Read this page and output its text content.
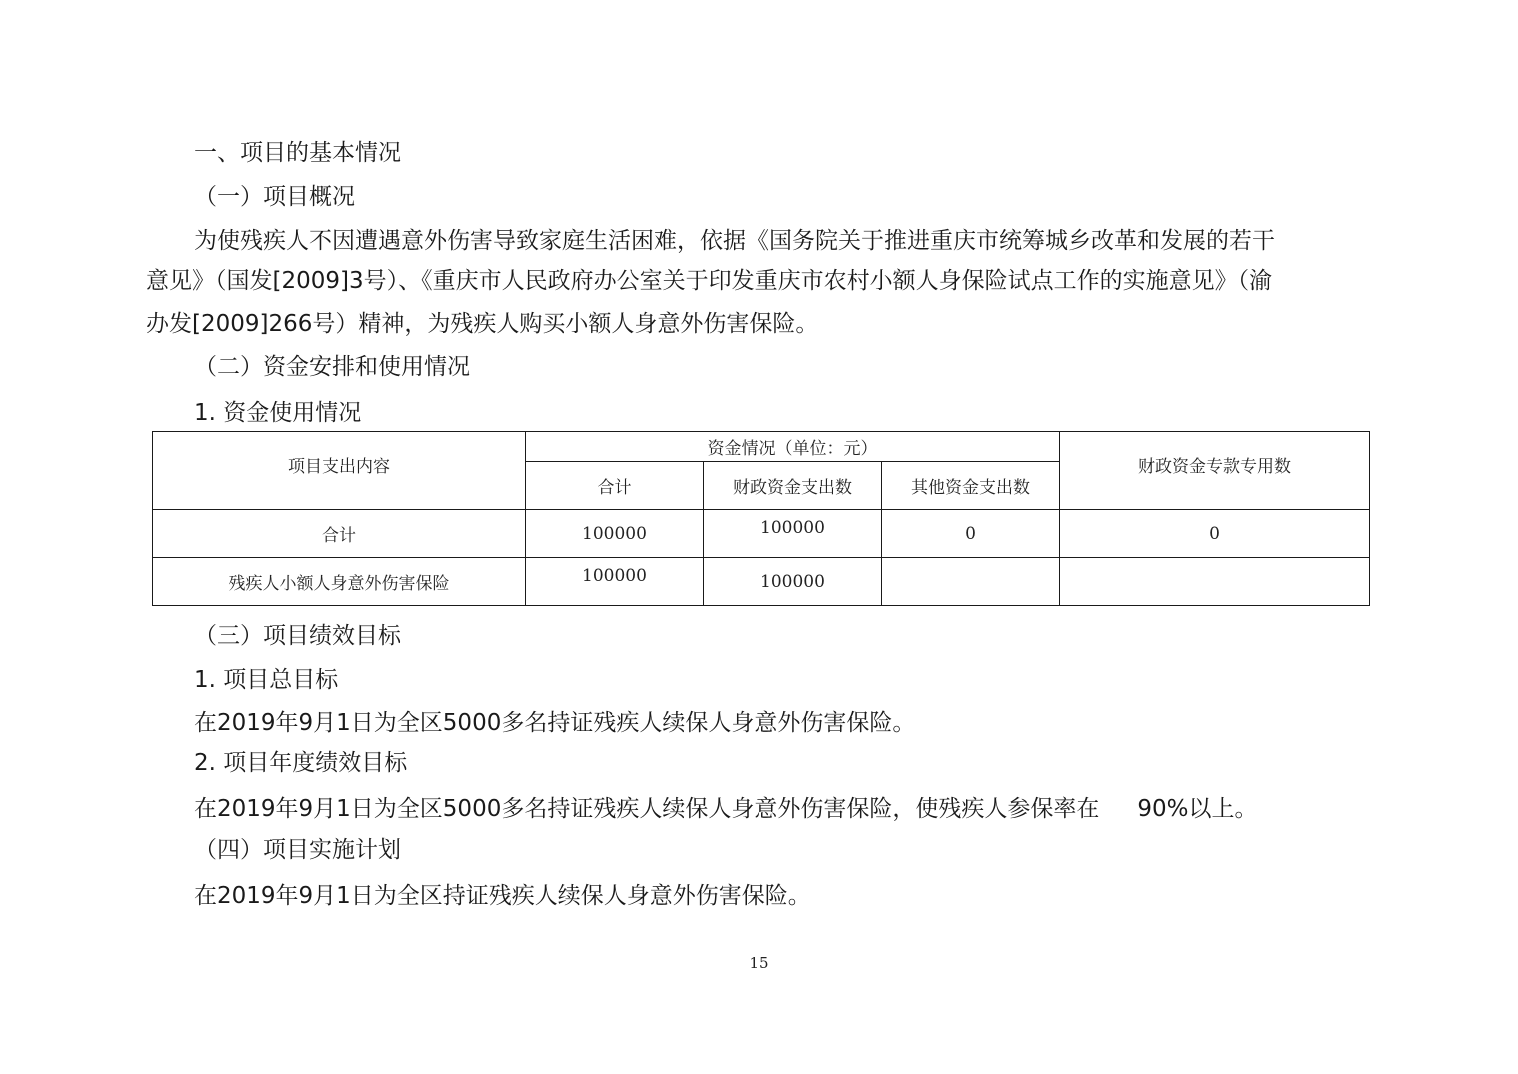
一、项目的基本情况
（一）项目概况
为使残疾人不因遭遇意外伤害导致家庭生活困难，依据《国务院关于推进重庆市统筹城乡改革和发展的若干
意见》（国发[2009]3号）、《重庆市人民政府办公室关于印发重庆市农村小额人身保险试点工作的实施意见》（渝
办发[2009]266号）精神，为残疾人购买小额人身意外伤害保险。
（二）资金安排和使用情况
1. 资金使用情况
项目支出内容	资金情况（单位：元）			财政资金专款专用数
	合计	财政资金支出数	其他资金支出数	
合计	100000	100000	0	0
残疾人小额人身意外伤害保险	100000	100000		
（三）项目绩效目标
1. 项目总目标
在2019年9月1日为全区5000多名持证残疾人续保人身意外伤害保险。
2. 项目年度绩效目标
在2019年9月1日为全区5000多名持证残疾人续保人身意外伤害保险，使残疾人参保率在 90%以上。
（四）项目实施计划
在2019年9月1日为全区持证残疾人续保人身意外伤害保险。
15
